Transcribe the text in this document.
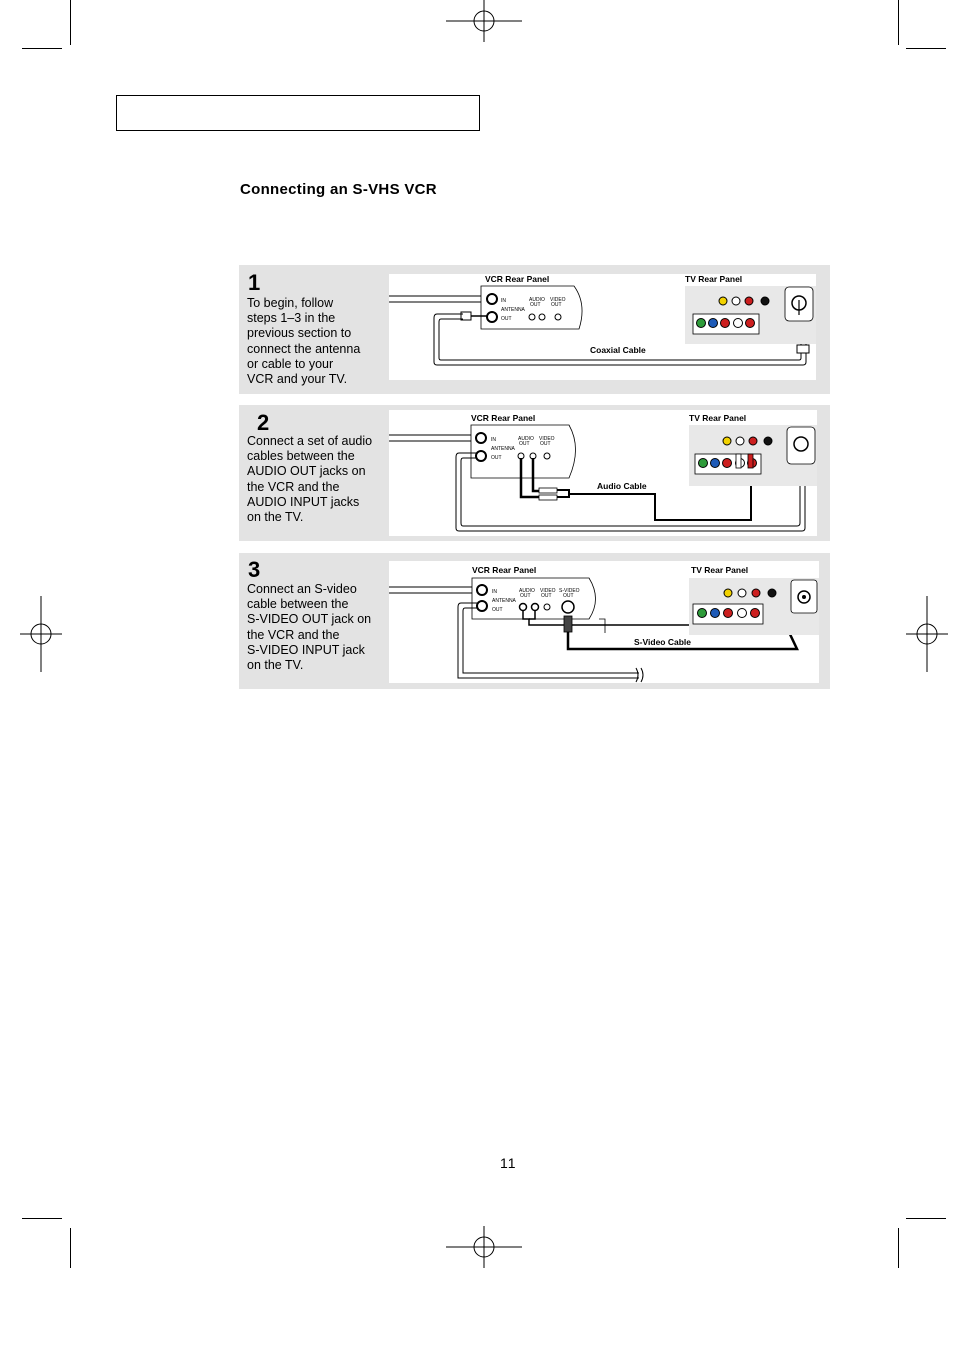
Connecting an S-VHS VCR
1
To begin, follow
steps 1–3 in the
previous section to
connect the antenna
or cable to your
VCR and your TV.
IN
ANTENNA
OUT
AUDIO
OUT
VIDEO
OUT
Coaxial Cable
VCR Rear Panel	TV Rear Panel
2
Connect a set of audio
cables between the
AUDIO OUT jacks on
the VCR and the
AUDIO INPUT jacks
on the TV.
IN
ANTENNA
OUT
AUDIO
OUT
VIDEO
OUT
Audio Cable
VCR Rear Panel	TV Rear Panel
3
Connect an S-video
cable between the
S-VIDEO OUT jack on
the VCR and the
S-VIDEO INPUT jack
on the TV.
IN
ANTENNA
OUT
AUDIO
OUT
VIDEO
OUT
S-VIDEO
OUT
S-Video Cable
VCR Rear Panel	TV Rear Panel
11
